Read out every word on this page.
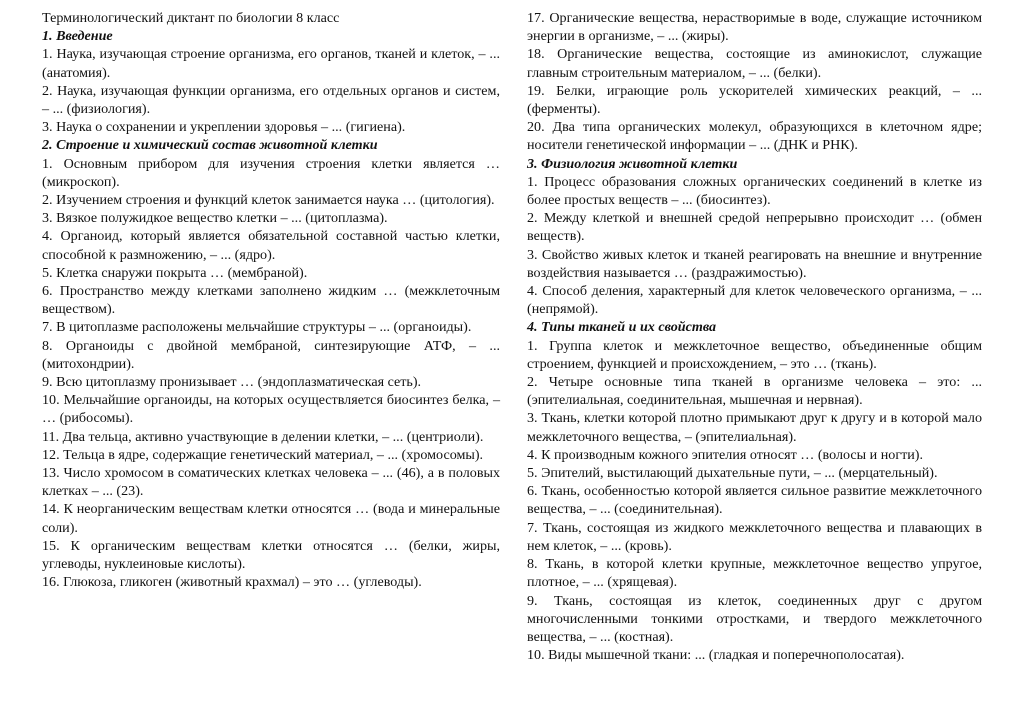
Терминологический диктант по биологии 8 класс

1. Введение

1. Наука, изучающая строение организма, его органов, тканей и клеток, – ... (анатомия).

2. Наука, изучающая функции организма, его отдельных органов и систем, – ... (физиология).

3. Наука о сохранении и укреплении здоровья – ... (гигиена).

2. Строение и химический состав животной клетки

1. Основным прибором для изучения строения клетки является … (микроскоп).

2. Изучением строения и функций клеток занимается наука … (цитология).

3. Вязкое полужидкое вещество клетки – ... (цитоплазма).

4. Органоид, который является обязательной составной частью клетки, способной к размножению, – ... (ядро).

5. Клетка снаружи покрыта … (мембраной).

6. Пространство между клетками заполнено жидким … (межклеточным веществом).

7. В цитоплазме расположены мельчайшие структуры – ... (органоиды).

8. Органоиды с двойной мембраной, синтезирующие АТФ, – ... (митохондрии).

9. Всю цитоплазму пронизывает … (эндоплазматическая сеть).

10. Мельчайшие органоиды, на которых осуществляется биосинтез белка, – … (рибосомы).

11. Два тельца, активно участвующие в делении клетки, – ... (центриоли).

12. Тельца в ядре, содержащие генетический материал, – ... (хромосомы).

13. Число хромосом в соматических клетках человека – ... (46), а в половых клетках – ... (23).

14. К неорганическим веществам клетки относятся … (вода и минеральные соли).

15. К органическим веществам клетки относятся … (белки, жиры, углеводы, нуклеиновые кислоты).

16. Глюкоза, гликоген (животный крахмал) – это … (углеводы).

17. Органические вещества, нерастворимые в воде, служащие источником энергии в организме, – ... (жиры).

18. Органические вещества, состоящие из аминокислот, служащие главным строительным материалом, – ... (белки).

19. Белки, играющие роль ускорителей химических реакций, – ... (ферменты).

20. Два типа органических молекул, образующихся в клеточном ядре; носители генетической информации – ... (ДНК и РНК).

3. Физиология животной клетки

1. Процесс образования сложных органических соединений в клетке из более простых веществ – ... (биосинтез).

2. Между клеткой и внешней средой непрерывно происходит … (обмен веществ).

3. Свойство живых клеток и тканей реагировать на внешние и внутренние воздействия называется … (раздражимостью).

4. Способ деления, характерный для клеток человеческого организма, – ... (непрямой).

4. Типы тканей и их свойства

1. Группа клеток и межклеточное вещество, объединенные общим строением, функцией и происхождением, – это … (ткань).

2. Четыре основные типа тканей в организме человека – это: ... (эпителиальная, соединительная, мышечная и нервная).

3. Ткань, клетки которой плотно примыкают друг к другу и в которой мало межклеточного вещества, – (эпителиальная).

4. К производным кожного эпителия относят … (волосы и ногти).

5. Эпителий, выстилающий дыхательные пути, – ... (мерцательный).

6. Ткань, особенностью которой является сильное развитие межклеточного вещества, – ... (соединительная).

7. Ткань, состоящая из жидкого межклеточного вещества и плавающих в нем клеток, – ... (кровь).

8. Ткань, в которой клетки крупные, межклеточное вещество упругое, плотное, – ... (хрящевая).

9. Ткань, состоящая из клеток, соединенных друг с другом многочисленными тонкими отростками, и твердого межклеточного вещества, – ... (костная).

10. Виды мышечной ткани: ... (гладкая и поперечнополосатая).
